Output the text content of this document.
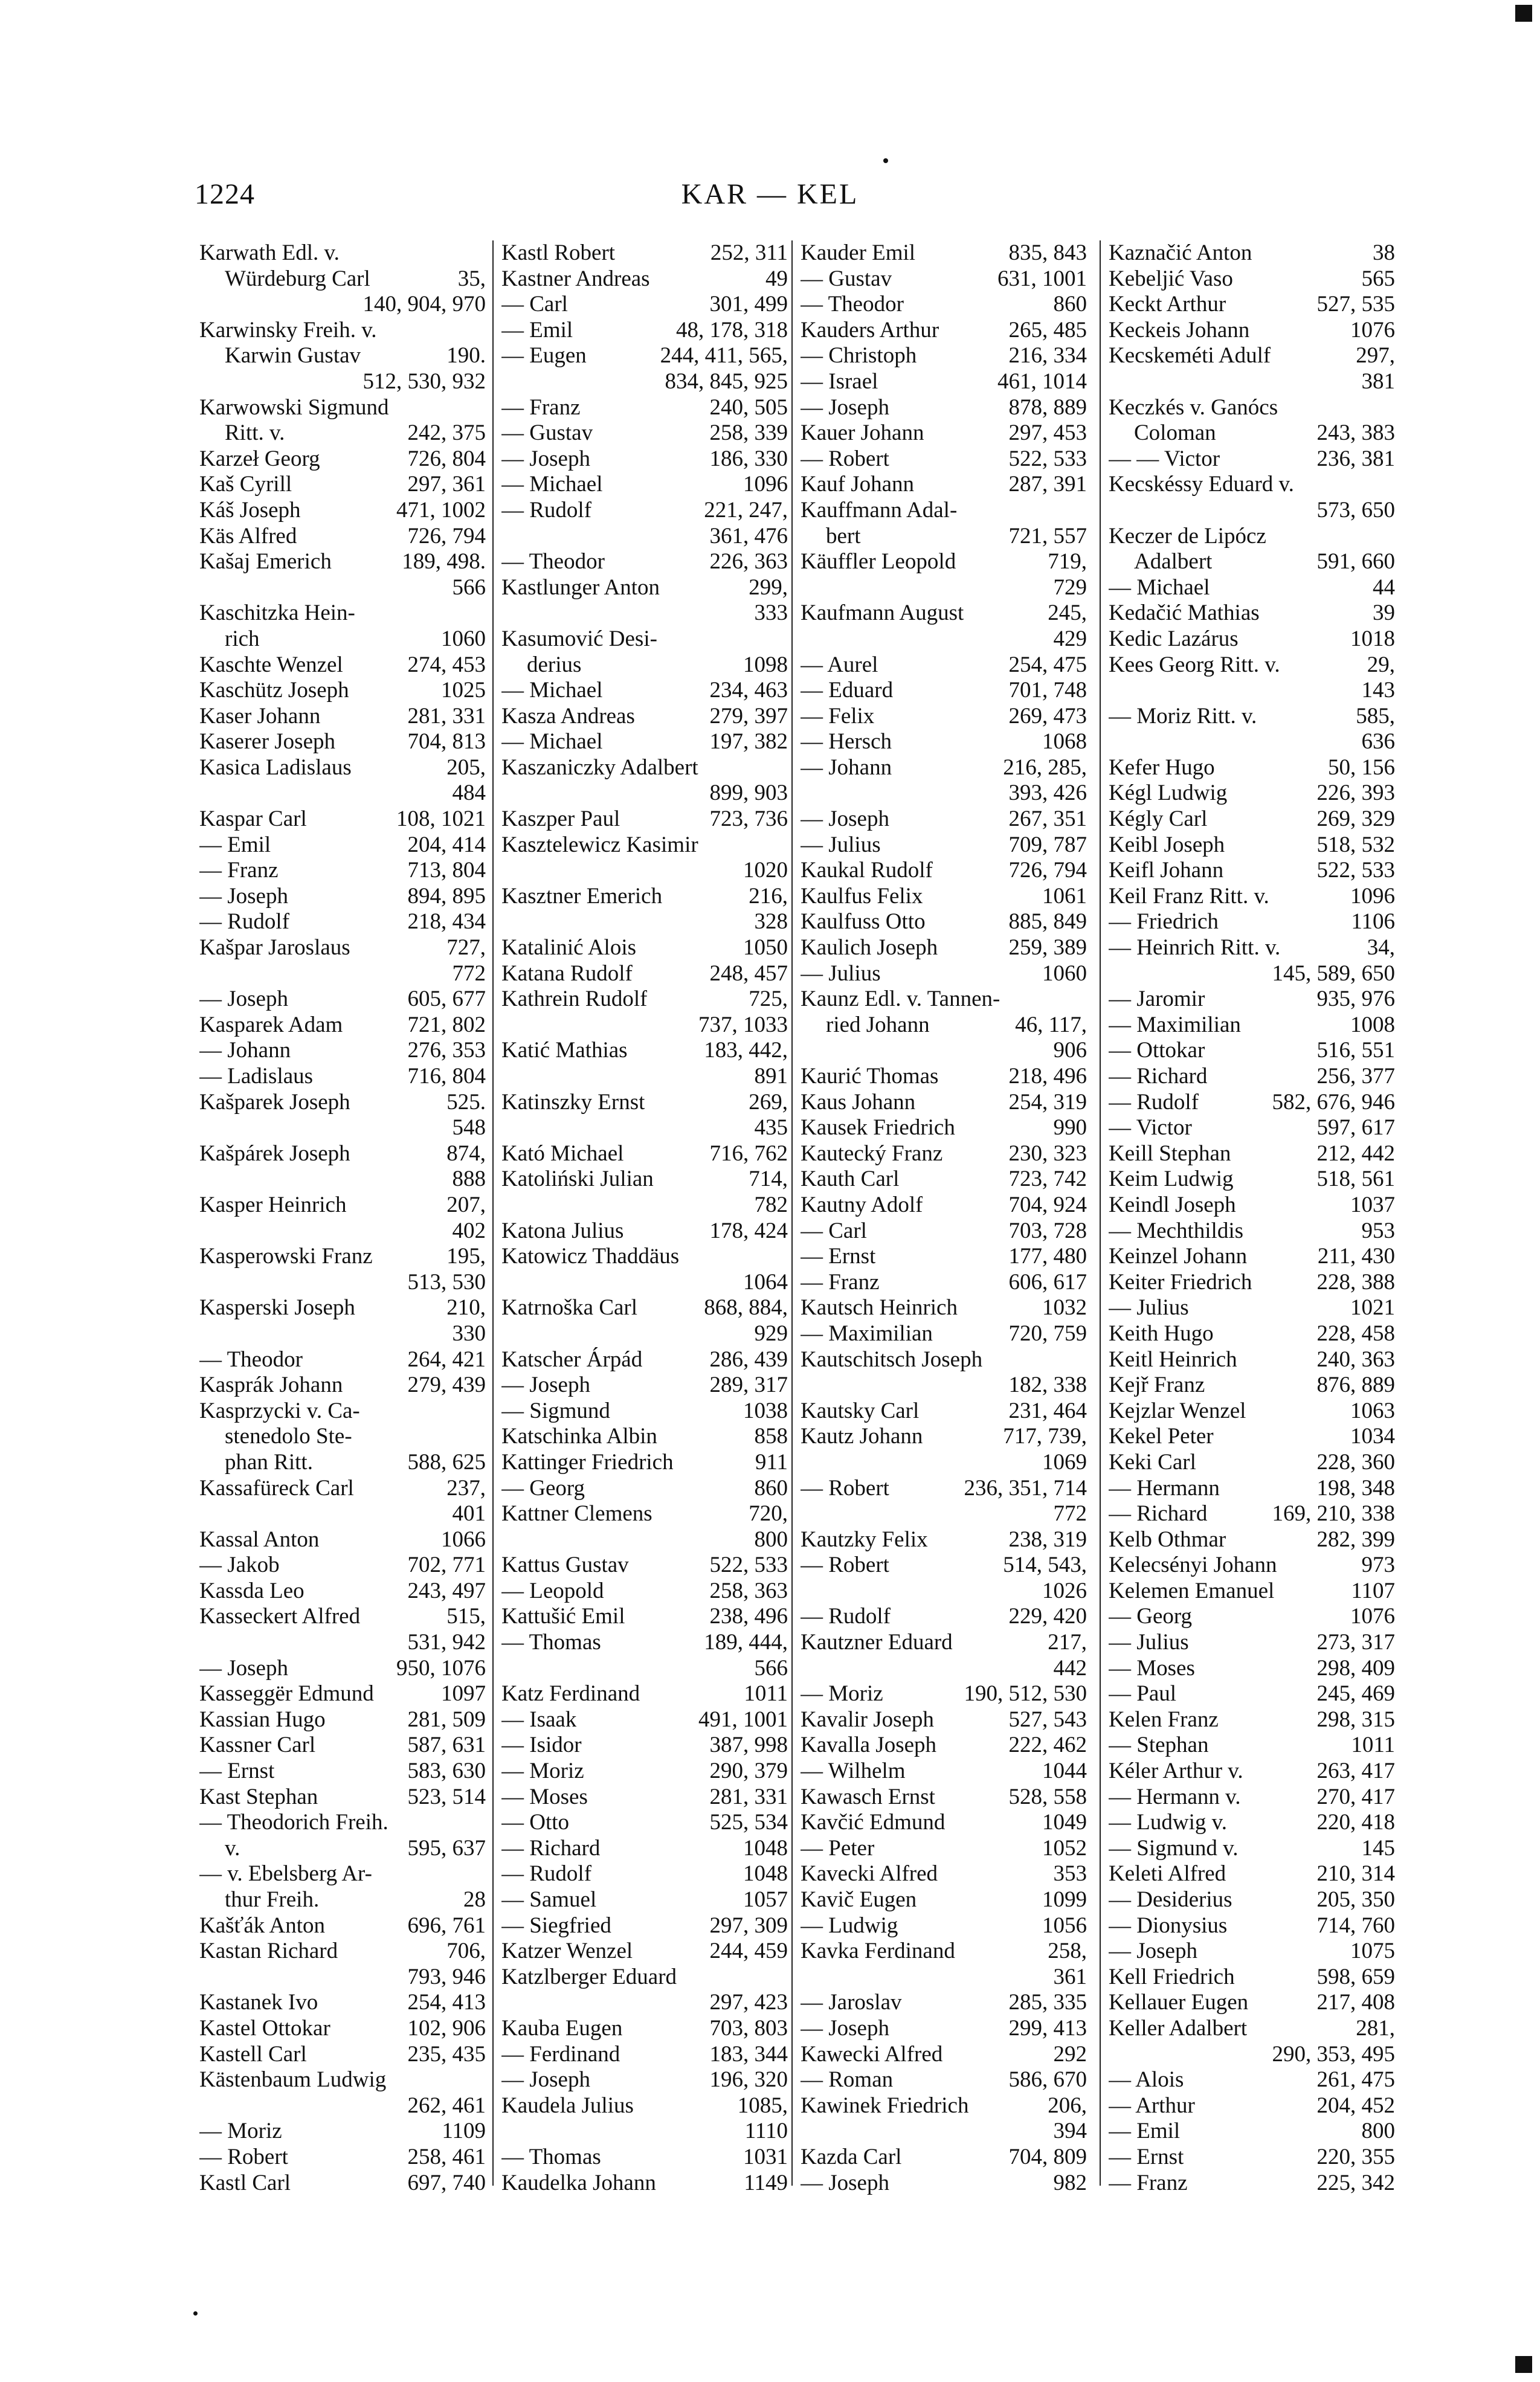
1224	KAR — KEL
Karwath Edl. v.
Würdeburg Carl	35,
140, 904, 970
Karwinsky Freih. v.
Karwin Gustav	190.
512, 530, 932
Karwowski Sigmund
Ritt. v.	242, 375
Karzeł Georg	726, 804
Kaš Cyrill	297, 361
Káš Joseph	471, 1002
Käs Alfred	726, 794
Kašaj Emerich	189, 498.
566
Kaschitzka Hein-
rich	1060
Kaschte Wenzel	274, 453
Kaschütz Joseph	1025
Kaser Johann	281, 331
Kaserer Joseph	704, 813
Kasica Ladislaus	205,
484
Kaspar Carl	108, 1021
— Emil	204, 414
— Franz	713, 804
— Joseph	894, 895
— Rudolf	218, 434
Kašpar Jaroslaus	727,
772
— Joseph	605, 677
Kasparek Adam	721, 802
— Johann	276, 353
— Ladislaus	716, 804
Kašparek Joseph	525.
548
Kašpárek Joseph	874,
888
Kasper Heinrich	207,
402
Kasperowski Franz	195,
513, 530
Kasperski Joseph	210,
330
— Theodor	264, 421
Kasprák Johann	279, 439
Kasprzycki v. Ca-
stenedolo Ste-
phan Ritt.	588, 625
Kassafüreck Carl	237,
401
Kassal Anton	1066
— Jakob	702, 771
Kassda Leo	243, 497
Kasseckert Alfred	515,
531, 942
— Joseph	950, 1076
Kasseggër Edmund	1097
Kassian Hugo	281, 509
Kassner Carl	587, 631
— Ernst	583, 630
Kast Stephan	523, 514
— Theodorich Freih.
v.	595, 637
— v. Ebelsberg Ar-
thur Freih.	28
Kašťák Anton	696, 761
Kastan Richard	706,
793, 946
Kastanek Ivo	254, 413
Kastel Ottokar	102, 906
Kastell Carl	235, 435
Kästenbaum Ludwig
262, 461
— Moriz	1109
— Robert	258, 461
Kastl Carl	697, 740
Kastl Robert	252, 311
Kastner Andreas	49
— Carl	301, 499
— Emil	48, 178, 318
— Eugen	244, 411, 565,
834, 845, 925
— Franz	240, 505
— Gustav	258, 339
— Joseph	186, 330
— Michael	1096
— Rudolf	221, 247,
361, 476
— Theodor	226, 363
Kastlunger Anton	299,
333
Kasumović Desi-
derius	1098
— Michael	234, 463
Kasza Andreas	279, 397
— Michael	197, 382
Kaszaniczky Adalbert
899, 903
Kaszper Paul	723, 736
Kasztelewicz Kasimir
1020
Kasztner Emerich	216,
328
Katalinić Alois	1050
Katana Rudolf	248, 457
Kathrein Rudolf	725,
737, 1033
Katić Mathias	183, 442,
891
Katinszky Ernst	269,
435
Kató Michael	716, 762
Katoliński Julian	714,
782
Katona Julius	178, 424
Katowicz Thaddäus
1064
Katrnoška Carl	868, 884,
929
Katscher Árpád	286, 439
— Joseph	289, 317
— Sigmund	1038
Katschinka Albin	858
Kattinger Friedrich	911
— Georg	860
Kattner Clemens	720,
800
Kattus Gustav	522, 533
— Leopold	258, 363
Kattušić Emil	238, 496
— Thomas	189, 444,
566
Katz Ferdinand	1011
— Isaak	491, 1001
— Isidor	387, 998
— Moriz	290, 379
— Moses	281, 331
— Otto	525, 534
— Richard	1048
— Rudolf	1048
— Samuel	1057
— Siegfried	297, 309
Katzer Wenzel	244, 459
Katzlberger Eduard
297, 423
Kauba Eugen	703, 803
— Ferdinand	183, 344
— Joseph	196, 320
Kaudela Julius	1085,
1110
— Thomas	1031
Kaudelka Johann	1149
Kauder Emil	835, 843
— Gustav	631, 1001
— Theodor	860
Kauders Arthur	265, 485
— Christoph	216, 334
— Israel	461, 1014
— Joseph	878, 889
Kauer Johann	297, 453
— Robert	522, 533
Kauf Johann	287, 391
Kauffmann Adal-
bert	721, 557
Käuffler Leopold	719,
729
Kaufmann August	245,
429
— Aurel	254, 475
— Eduard	701, 748
— Felix	269, 473
— Hersch	1068
— Johann	216, 285,
393, 426
— Joseph	267, 351
— Julius	709, 787
Kaukal Rudolf	726, 794
Kaulfus Felix	1061
Kaulfuss Otto	885, 849
Kaulich Joseph	259, 389
— Julius	1060
Kaunz Edl. v. Tannen-
ried Johann	46, 117,
906
Kaurić Thomas	218, 496
Kaus Johann	254, 319
Kausek Friedrich	990
Kautecký Franz	230, 323
Kauth Carl	723, 742
Kautny Adolf	704, 924
— Carl	703, 728
— Ernst	177, 480
— Franz	606, 617
Kautsch Heinrich	1032
— Maximilian	720, 759
Kautschitsch Joseph
182, 338
Kautsky Carl	231, 464
Kautz Johann	717, 739,
1069
— Robert	236, 351, 714
772
Kautzky Felix	238, 319
— Robert	514, 543,
1026
— Rudolf	229, 420
Kautzner Eduard	217,
442
— Moriz	190, 512, 530
Kavalir Joseph	527, 543
Kavalla Joseph	222, 462
— Wilhelm	1044
Kawasch Ernst	528, 558
Kavčić Edmund	1049
— Peter	1052
Kavecki Alfred	353
Kavič Eugen	1099
— Ludwig	1056
Kavka Ferdinand	258,
361
— Jaroslav	285, 335
— Joseph	299, 413
Kawecki Alfred	292
— Roman	586, 670
Kawinek Friedrich	206,
394
Kazda Carl	704, 809
— Joseph	982
Kaznačić Anton	38
Kebeljić Vaso	565
Keckt Arthur	527, 535
Keckeis Johann	1076
Kecskeméti Adulf	297,
381
Keczkés v. Ganócs
Coloman	243, 383
— — Victor	236, 381
Kecskéssy Eduard v.
573, 650
Keczer de Lipócz
Adalbert	591, 660
— Michael	44
Kedačić Mathias	39
Kedic Lazárus	1018
Kees Georg Ritt. v.	29,
143
— Moriz Ritt. v.	585,
636
Kefer Hugo	50, 156
Kégl Ludwig	226, 393
Kégly Carl	269, 329
Keibl Joseph	518, 532
Keifl Johann	522, 533
Keil Franz Ritt. v.	1096
— Friedrich	1106
— Heinrich Ritt. v.	34,
145, 589, 650
— Jaromir	935, 976
— Maximilian	1008
— Ottokar	516, 551
— Richard	256, 377
— Rudolf	582, 676, 946
— Victor	597, 617
Keill Stephan	212, 442
Keim Ludwig	518, 561
Keindl Joseph	1037
— Mechthildis	953
Keinzel Johann	211, 430
Keiter Friedrich	228, 388
— Julius	1021
Keith Hugo	228, 458
Keitl Heinrich	240, 363
Kejř Franz	876, 889
Kejzlar Wenzel	1063
Kekel Peter	1034
Keki Carl	228, 360
— Hermann	198, 348
— Richard	169, 210, 338
Kelb Othmar	282, 399
Kelecsényi Johann	973
Kelemen Emanuel	1107
— Georg	1076
— Julius	273, 317
— Moses	298, 409
— Paul	245, 469
Kelen Franz	298, 315
— Stephan	1011
Kéler Arthur v.	263, 417
— Hermann v.	270, 417
— Ludwig v.	220, 418
— Sigmund v.	145
Keleti Alfred	210, 314
— Desiderius	205, 350
— Dionysius	714, 760
— Joseph	1075
Kell Friedrich	598, 659
Kellauer Eugen	217, 408
Keller Adalbert	281,
290, 353, 495
— Alois	261, 475
— Arthur	204, 452
— Emil	800
— Ernst	220, 355
— Franz	225, 342
